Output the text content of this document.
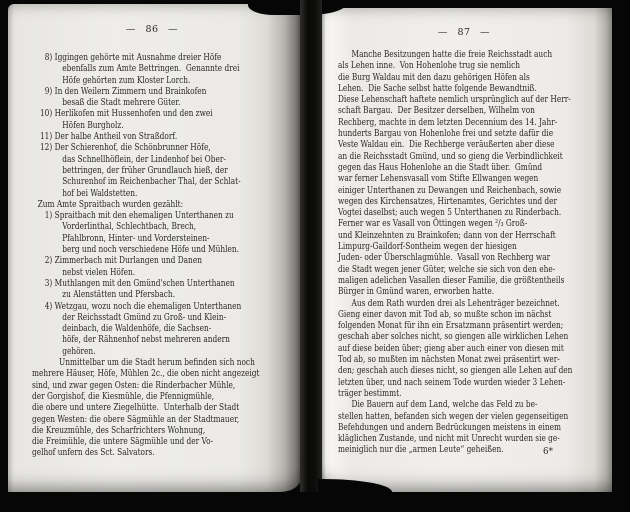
— 86 —	— 87 —
8) Iggingen gehörte mit Ausnahme dreier Höfe
ebenfalls zum Amte Bettringen.  Genannte drei
Höfe gehörten zum Kloster Lorch.
9) In den Weilern Zimmern und Brainkofen
besaß die Stadt mehrere Güter.
10) Herlikofen mit Hussenhofen und den zwei
Höfen Burgholz.
11) Der halbe Antheil von Straßdorf.
12) Der Schierenhof, die Schönbrunner Höfe,
das Schnellhöflein, der Lindenhof bei Ober-
bettringen, der früher Grundlauch hieß, der
Schurenhof im Reichenbacher Thal, der Schlat-
hof bei Waldstetten.
Zum Amte Spraitbach wurden gezählt:
1) Spraitbach mit den ehemaligen Unterthanen zu
Vorderlinthal, Schlechtbach, Brech,
Pfahlbronn, Hinter- und Vordersteinen-
berg und noch verschiedene Höfe und Mühlen.
2) Zimmerbach mit Durlangen und Danen
nebst vielen Höfen.
3) Muthlangen mit den Gmünd'schen Unterthanen
zu Alenstätten und Pfersbach.
4) Wetzgau, wozu noch die ehemaligen Unterthanen
der Reichsstadt Gmünd zu Groß- und Klein-
deinbach, die Waldenhöfe, die Sachsen-
höfe, der Rähnenhof nebst mehreren andern
gehören.
Unmittelbar um die Stadt herum befinden sich noch
mehrere Häuser, Höfe, Mühlen 2c., die oben nicht angezeigt
sind, und zwar gegen Osten: die Rinderbacher Mühle,
der Gorgishof, die Kiesmühle, die Pfennigmühle,
die obere und untere Ziegelhütte.  Unterhalb der Stadt
gegen Westen: die obere Sägmühle an der Stadtmauer,
die Kreuzmühle, des Scharfrichters Wohnung,
die Freimühle, die untere Sägmühle und der Vo-
gelhof unfern des Sct. Salvators.
Manche Besitzungen hatte die freie Reichsstadt auch
als Lehen inne.  Von Hohenlohe trug sie nemlich
die Burg Waldau mit den dazu gehörigen Höfen als
Lehen.  Die Sache selbst hatte folgende Bewandtniß.
Diese Lehenschaft haftete nemlich ursprünglich auf der Herr-
schaft Bargau.  Der Besitzer derselben, Wilhelm von
Rechberg, machte in dem letzten Decennium des 14. Jahr-
hunderts Bargau von Hohenlohe frei und setzte dafür die
Veste Waldau ein.  Die Rechberge veräußerten aber diese
an die Reichsstadt Gmünd, und so gieng die Verbindlichkeit
gegen das Haus Hohenlohe an die Stadt über.  Gmünd
war ferner Lehensvasall vom Stifte Ellwangen wegen
einiger Unterthanen zu Dewangen und Reichenbach, sowie
wegen des Kirchensatzes, Hirtenamtes, Gerichtes und der
Vogtei daselbst; auch wegen 5 Unterthanen zu Rinderbach.
Ferner war es Vasall von Öttingen wegen ²/₃ Groß-
und Kleinzehnten zu Brainkofen; dann von der Herrschaft
Limpurg-Gaildorf-Sontheim wegen der hiesigen
Juden- oder Überschlagmühle.  Vasall von Rechberg war
die Stadt wegen jener Güter, welche sie sich von den ehe-
maligen adelichen Vasallen dieser Familie, die größtentheils
Bürger in Gmünd waren, erworben hatte.
Aus dem Rath wurden drei als Lehenträger bezeichnet.
Gieng einer davon mit Tod ab, so mußte schon im nächst
folgenden Monat für ihn ein Ersatzmann präsentirt werden;
geschah aber solches nicht, so giengen alle wirklichen Lehen
auf diese beiden über; gieng aber auch einer von diesen mit
Tod ab, so mußten im nächsten Monat zwei präsentirt wer-
den; geschah auch dieses nicht, so giengen alle Lehen auf den
letzten über, und nach seinem Tode wurden wieder 3 Lehen-
träger bestimmt.
Die Bauern auf dem Land, welche das Feld zu be-
stellen hatten, befanden sich wegen der vielen gegenseitigen
Befehdungen und andern Bedrückungen meistens in einem
kläglichen Zustande, und nicht mit Unrecht wurden sie ge-
meiniglich nur die „armen Leute“ geheißen.	6*
